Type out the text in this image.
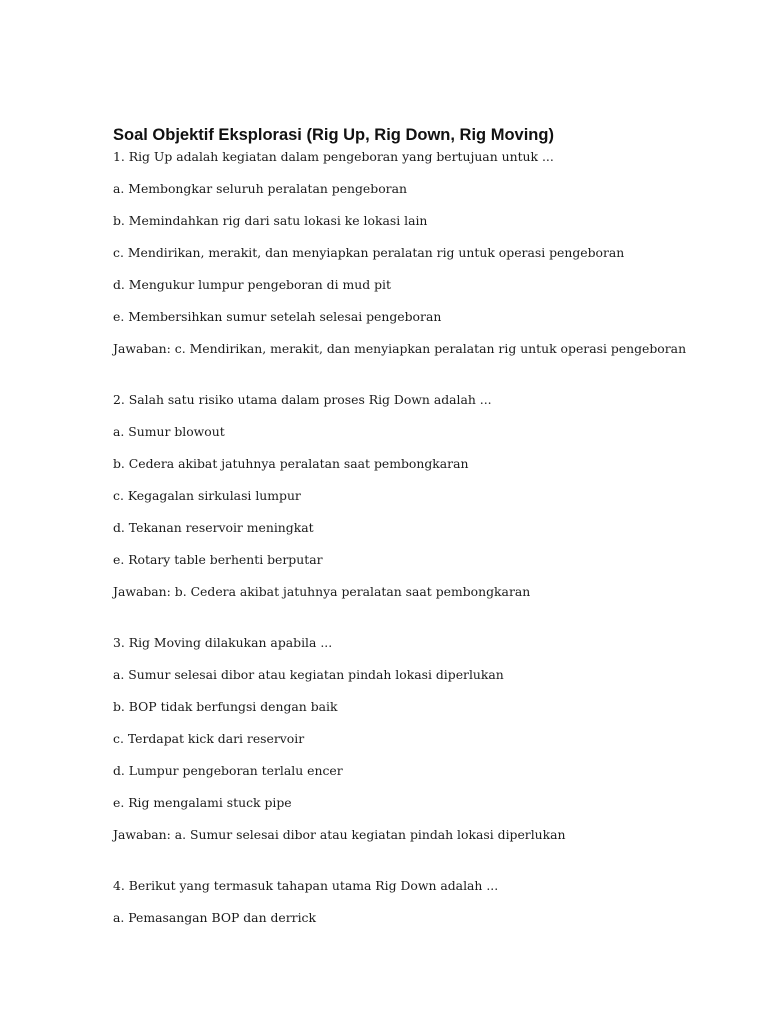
Soal Objektif Eksplorasi (Rig Up, Rig Down, Rig Moving)

1. Rig Up adalah kegiatan dalam pengeboran yang bertujuan untuk ...

a. Membongkar seluruh peralatan pengeboran

b. Memindahkan rig dari satu lokasi ke lokasi lain

c. Mendirikan, merakit, dan menyiapkan peralatan rig untuk operasi pengeboran

d. Mengukur lumpur pengeboran di mud pit

e. Membersihkan sumur setelah selesai pengeboran

Jawaban: c. Mendirikan, merakit, dan menyiapkan peralatan rig untuk operasi pengeboran

2. Salah satu risiko utama dalam proses Rig Down adalah ...

a. Sumur blowout

b. Cedera akibat jatuhnya peralatan saat pembongkaran

c. Kegagalan sirkulasi lumpur

d. Tekanan reservoir meningkat

e. Rotary table berhenti berputar

Jawaban: b. Cedera akibat jatuhnya peralatan saat pembongkaran

3. Rig Moving dilakukan apabila ...

a. Sumur selesai dibor atau kegiatan pindah lokasi diperlukan

b. BOP tidak berfungsi dengan baik

c. Terdapat kick dari reservoir

d. Lumpur pengeboran terlalu encer

e. Rig mengalami stuck pipe

Jawaban: a. Sumur selesai dibor atau kegiatan pindah lokasi diperlukan

4. Berikut yang termasuk tahapan utama Rig Down adalah ...

a. Pemasangan BOP dan derrick
